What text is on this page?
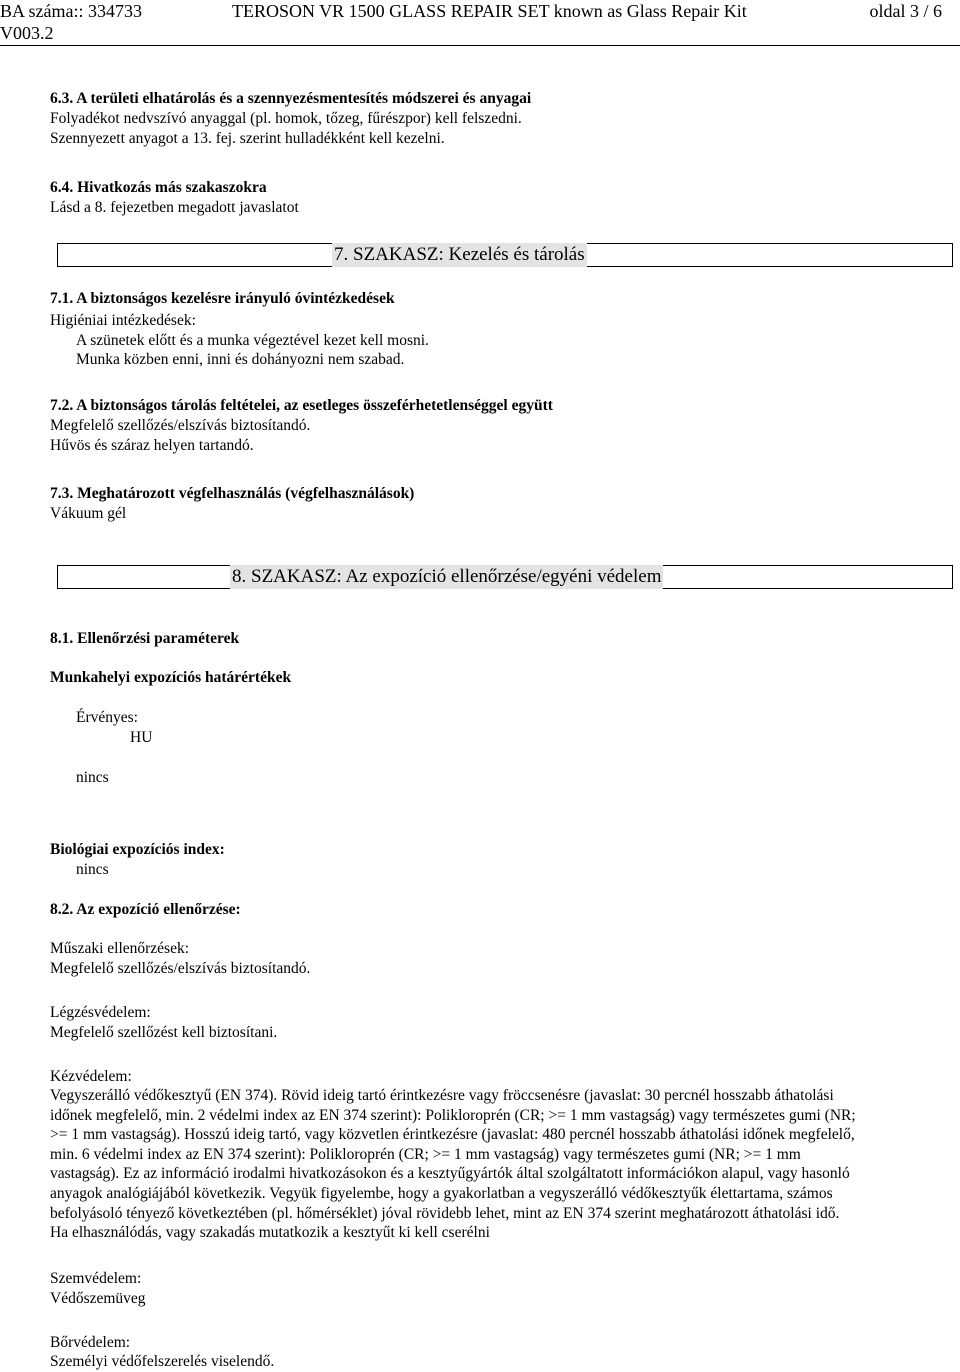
BA száma:: 334733
V003.2
TEROSON VR 1500 GLASS REPAIR SET known as Glass Repair Kit	oldal 3 / 6
6.3. A területi elhatárolás és a szennyezésmentesítés módszerei és anyagai
Folyadékot nedvszívó anyaggal (pl. homok, tőzeg, fűrészpor) kell felszedni.
Szennyezett anyagot a 13. fej. szerint hulladékként kell kezelni.
6.4. Hivatkozás más szakaszokra
Lásd a 8. fejezetben megadott javaslatot
7. SZAKASZ: Kezelés és tárolás
7.1. A biztonságos kezelésre irányuló óvintézkedések
Higiéniai intézkedések:
A szünetek előtt és a munka végeztével kezet kell mosni.
Munka közben enni, inni és dohányozni nem szabad.
7.2. A biztonságos tárolás feltételei, az esetleges összeférhetetlenséggel együtt
Megfelelő szellőzés/elszívás biztosítandó.
Hűvös és száraz helyen tartandó.
7.3. Meghatározott végfelhasználás (végfelhasználások)
Vákuum gél
8. SZAKASZ: Az expozíció ellenőrzése/egyéni védelem
8.1. Ellenőrzési paraméterek
Munkahelyi expozíciós határértékek
Érvényes:
HU
nincs
Biológiai expozíciós index:
nincs
8.2. Az expozíció ellenőrzése:
Műszaki ellenőrzések:
Megfelelő szellőzés/elszívás biztosítandó.
Légzésvédelem:
Megfelelő szellőzést kell biztosítani.
Kézvédelem:
Vegyszerálló védőkesztyű (EN 374). Rövid ideig tartó érintkezésre vagy fröccsenésre (javaslat: 30 percnél hosszabb áthatolási
időnek megfelelő, min. 2 védelmi index az EN 374 szerint): Polikloroprén (CR; >= 1 mm vastagság) vagy természetes gumi (NR;
>= 1 mm vastagság). Hosszú ideig tartó, vagy közvetlen érintkezésre (javaslat: 480 percnél hosszabb áthatolási időnek megfelelő,
min. 6 védelmi index az EN 374 szerint): Polikloroprén (CR; >= 1 mm vastagság) vagy természetes gumi (NR; >= 1 mm
vastagság). Ez az információ irodalmi hivatkozásokon és a kesztyűgyártók által szolgáltatott információkon alapul, vagy hasonló
anyagok analógiájából következik. Vegyük figyelembe, hogy a gyakorlatban a vegyszerálló védőkesztyűk élettartama, számos
befolyásoló tényező következtében (pl. hőmérséklet) jóval rövidebb lehet, mint az EN 374 szerint meghatározott áthatolási idő.
Ha elhasználódás, vagy szakadás mutatkozik a kesztyűt ki kell cserélni
Szemvédelem:
Védőszemüveg
Bőrvédelem:
Személyi védőfelszerelés viselendő.
